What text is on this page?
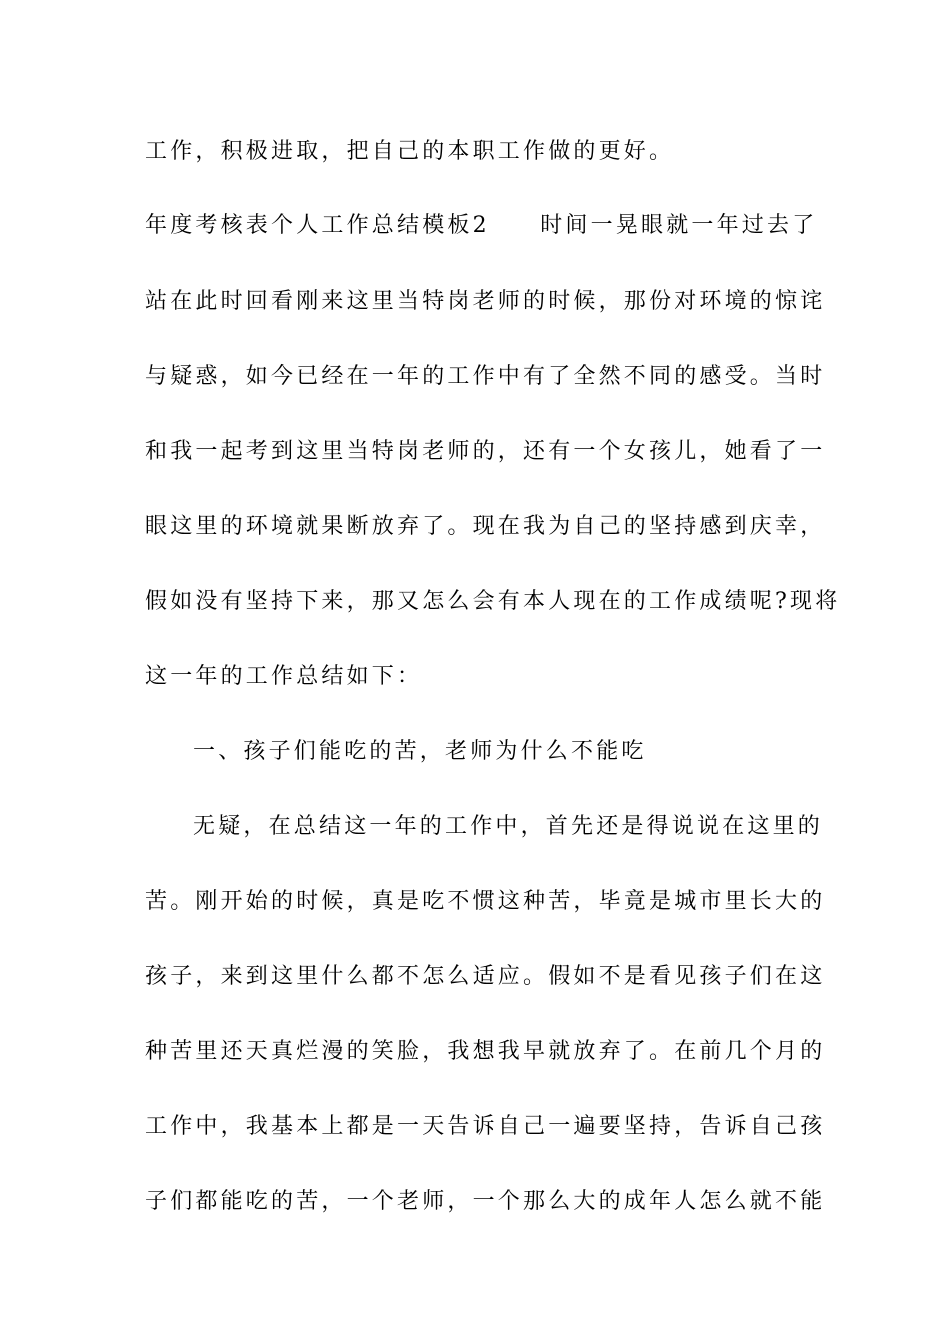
工作，积极进取，把自己的本职工作做的更好。
年度考核表个人工作总结模板2　　时间一晃眼就一年过去了
站在此时回看刚来这里当特岗老师的时候，那份对环境的惊诧
与疑惑，如今已经在一年的工作中有了全然不同的感受。当时
和我一起考到这里当特岗老师的，还有一个女孩儿，她看了一
眼这里的环境就果断放弃了。现在我为自己的坚持感到庆幸，
假如没有坚持下来，那又怎么会有本人现在的工作成绩呢?现将
这一年的工作总结如下：
一、孩子们能吃的苦，老师为什么不能吃
无疑，在总结这一年的工作中，首先还是得说说在这里的
苦。刚开始的时候，真是吃不惯这种苦，毕竟是城市里长大的
孩子，来到这里什么都不怎么适应。假如不是看见孩子们在这
种苦里还天真烂漫的笑脸，我想我早就放弃了。在前几个月的
工作中，我基本上都是一天告诉自己一遍要坚持，告诉自己孩
子们都能吃的苦，一个老师，一个那么大的成年人怎么就不能
